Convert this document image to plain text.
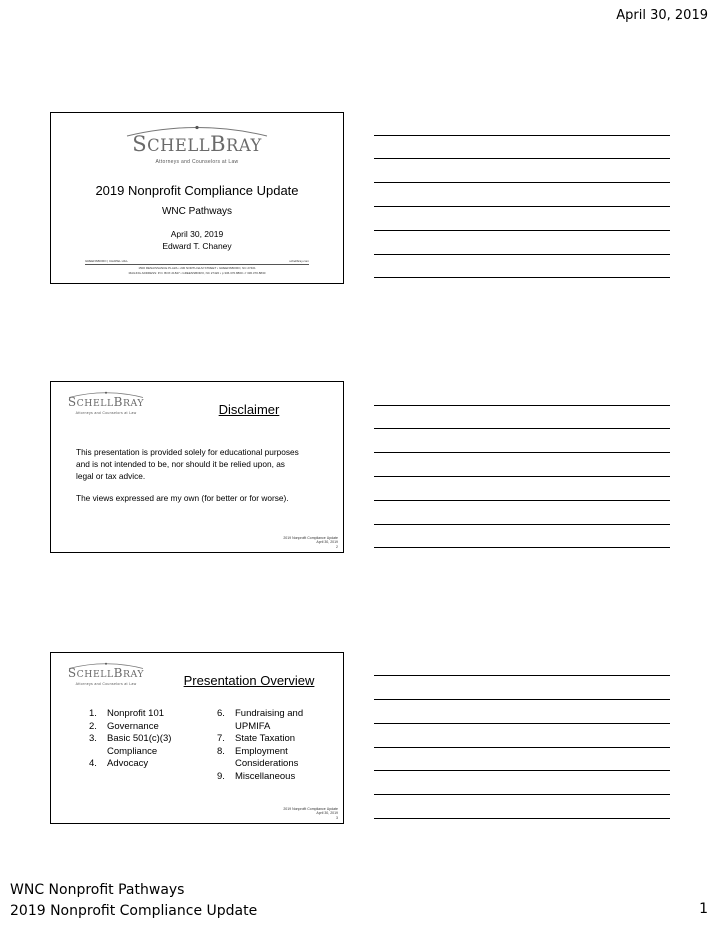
April 30, 2019
SCHELLBRAY
Attorneys and Counselors at Law
2019 Nonprofit Compliance Update
WNC Pathways
April 30, 2019
Edward T. Chaney
GREENSBORO | CHAPEL HILL	schellbray.com
1500 RENAISSANCE PLAZA • 230 NORTH ELM STREET • GREENSBORO, NC 27401
MAILING ADDRESS: P.O. BOX 21847 • GREENSBORO, NC 27420 • p 336.370.8800 • f 336.370.8830
SCHELLBRAY
Attorneys and Counselors at Law	Disclaimer

This presentation is provided solely for educational purposes and is not intended to be, nor should it be relied upon, as legal or tax advice.

The views expressed are my own (for better or for worse).

2019 Nonprofit Compliance Update
April 30, 2019
2
SCHELLBRAY
Attorneys and Counselors at Law	Presentation Overview
1.	Nonprofit 101
2.	Governance
3.	Basic 501(c)(3) Compliance
4.	Advocacy
6.	Fundraising and UPMIFA
7.	State Taxation
8.	Employment Considerations
9.	Miscellaneous
2019 Nonprofit Compliance Update
April 30, 2019
3
WNC Nonprofit Pathways
2019 Nonprofit Compliance Update	1
